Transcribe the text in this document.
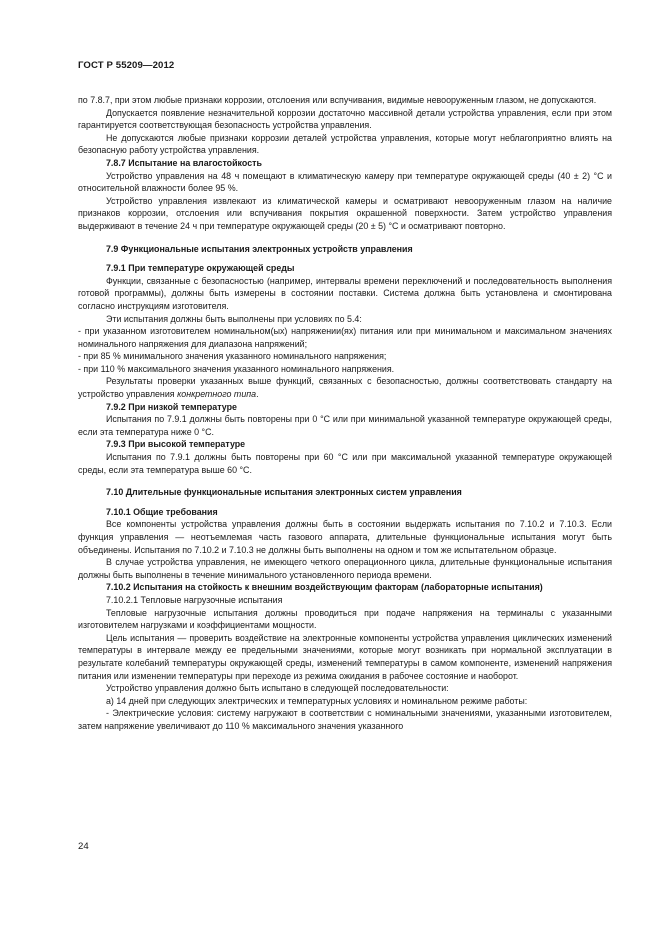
ГОСТ Р 55209—2012

по 7.8.7, при этом любые признаки коррозии, отслоения или вспучивания, видимые невооруженным глазом, не допускаются.

Допускается появление незначительной коррозии достаточно массивной детали устройства управления, если при этом гарантируется соответствующая безопасность устройства управления.

Не допускаются любые признаки коррозии деталей устройства управления, которые могут неблагоприятно влиять на безопасную работу устройства управления.

7.8.7 Испытание на влагостойкость

Устройство управления на 48 ч помещают в климатическую камеру при температуре окружающей среды (40 ± 2) °С и относительной влажности более 95 %.

Устройство управления извлекают из климатической камеры и осматривают невооруженным глазом на наличие признаков коррозии, отслоения или вспучивания покрытия окрашенной поверхности. Затем устройство управления выдерживают в течение 24 ч при температуре окружающей среды (20 ± 5) °С и осматривают повторно.

7.9 Функциональные испытания электронных устройств управления
7.9.1 При температуре окружающей среды

Функции, связанные с безопасностью (например, интервалы времени переключений и последовательность выполнения готовой программы), должны быть измерены в состоянии поставки. Система должна быть установлена и смонтирована согласно инструкциям изготовителя.

Эти испытания должны быть выполнены при условиях по 5.4:

- при указанном изготовителем номинальном(ых) напряжении(ях) питания или при минимальном и максимальном значениях номинального напряжения для диапазона напряжений;

- при 85 % минимального значения указанного номинального напряжения;

- при 110 % максимального значения указанного номинального напряжения.

Результаты проверки указанных выше функций, связанных с безопасностью, должны соответствовать стандарту на устройство управления конкретного типа.

7.9.2 При низкой температуре

Испытания по 7.9.1 должны быть повторены при 0 °С или при минимальной указанной температуре окружающей среды, если эта температура ниже 0 °С.

7.9.3 При высокой температуре

Испытания по 7.9.1 должны быть повторены при 60 °С или при максимальной указанной температуре окружающей среды, если эта температура выше 60 °С.

7.10 Длительные функциональные испытания электронных систем управления
7.10.1 Общие требования

Все компоненты устройства управления должны быть в состоянии выдержать испытания по 7.10.2 и 7.10.3. Если функция управления — неотъемлемая часть газового аппарата, длительные функциональные испытания могут быть объединены. Испытания по 7.10.2 и 7.10.3 не должны быть выполнены на одном и том же испытательном образце.

В случае устройства управления, не имеющего четкого операционного цикла, длительные функциональные испытания должны быть выполнены в течение минимального установленного периода времени.

7.10.2 Испытания на стойкость к внешним воздействующим факторам (лабораторные испытания)

7.10.2.1 Тепловые нагрузочные испытания

Тепловые нагрузочные испытания должны проводиться при подаче напряжения на терминалы с указанными изготовителем нагрузками и коэффициентами мощности.

Цель испытания — проверить воздействие на электронные компоненты устройства управления циклических изменений температуры в интервале между ее предельными значениями, которые могут возникать при нормальной эксплуатации в результате колебаний температуры окружающей среды, изменений температуры в самом компоненте, изменений напряжения питания или изменении температуры при переходе из режима ожидания в рабочее состояние и наоборот.

Устройство управления должно быть испытано в следующей последовательности:

а) 14 дней при следующих электрических и температурных условиях и номинальном режиме работы:

- Электрические условия: систему нагружают в соответствии с номинальными значениями, указанными изготовителем, затем напряжение увеличивают до 110 % максимального значения указанного

24
